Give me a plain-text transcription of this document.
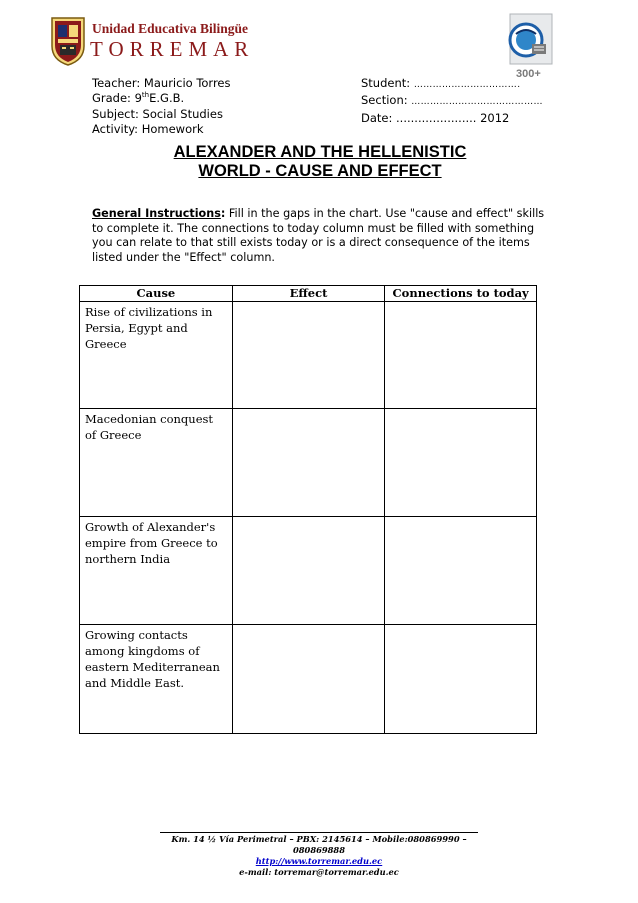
Unidad Educativa Bilingüe
TORREMAR
300+
Teacher: Mauricio Torres
Grade: 9thE.G.B.
Subject: Social Studies
Activity: Homework
Student: …………………………….
Section: ……………………………………
Date: ...................... 2012
ALEXANDER AND THE HELLENISTIC
WORLD - CAUSE AND EFFECT
General Instructions: Fill in the gaps in the chart. Use "cause and effect" skills to complete it. The connections to today column must be filled with something you can relate to that still exists today or is a direct consequence of the items listed under the "Effect" column.
Cause	Effect	Connections to today
Rise of civilizations in Persia, Egypt and Greece		
Macedonian conquest of Greece		
Growth of Alexander's empire from Greece to northern India		
Growing contacts among kingdoms of eastern Mediterranean and Middle East.		
Km. 14 ½ Vía Perimetral – PBX: 2145614 – Mobile:080869990 – 080869888
http://www.torremar.edu.ec
e-mail: torremar@torremar.edu.ec
